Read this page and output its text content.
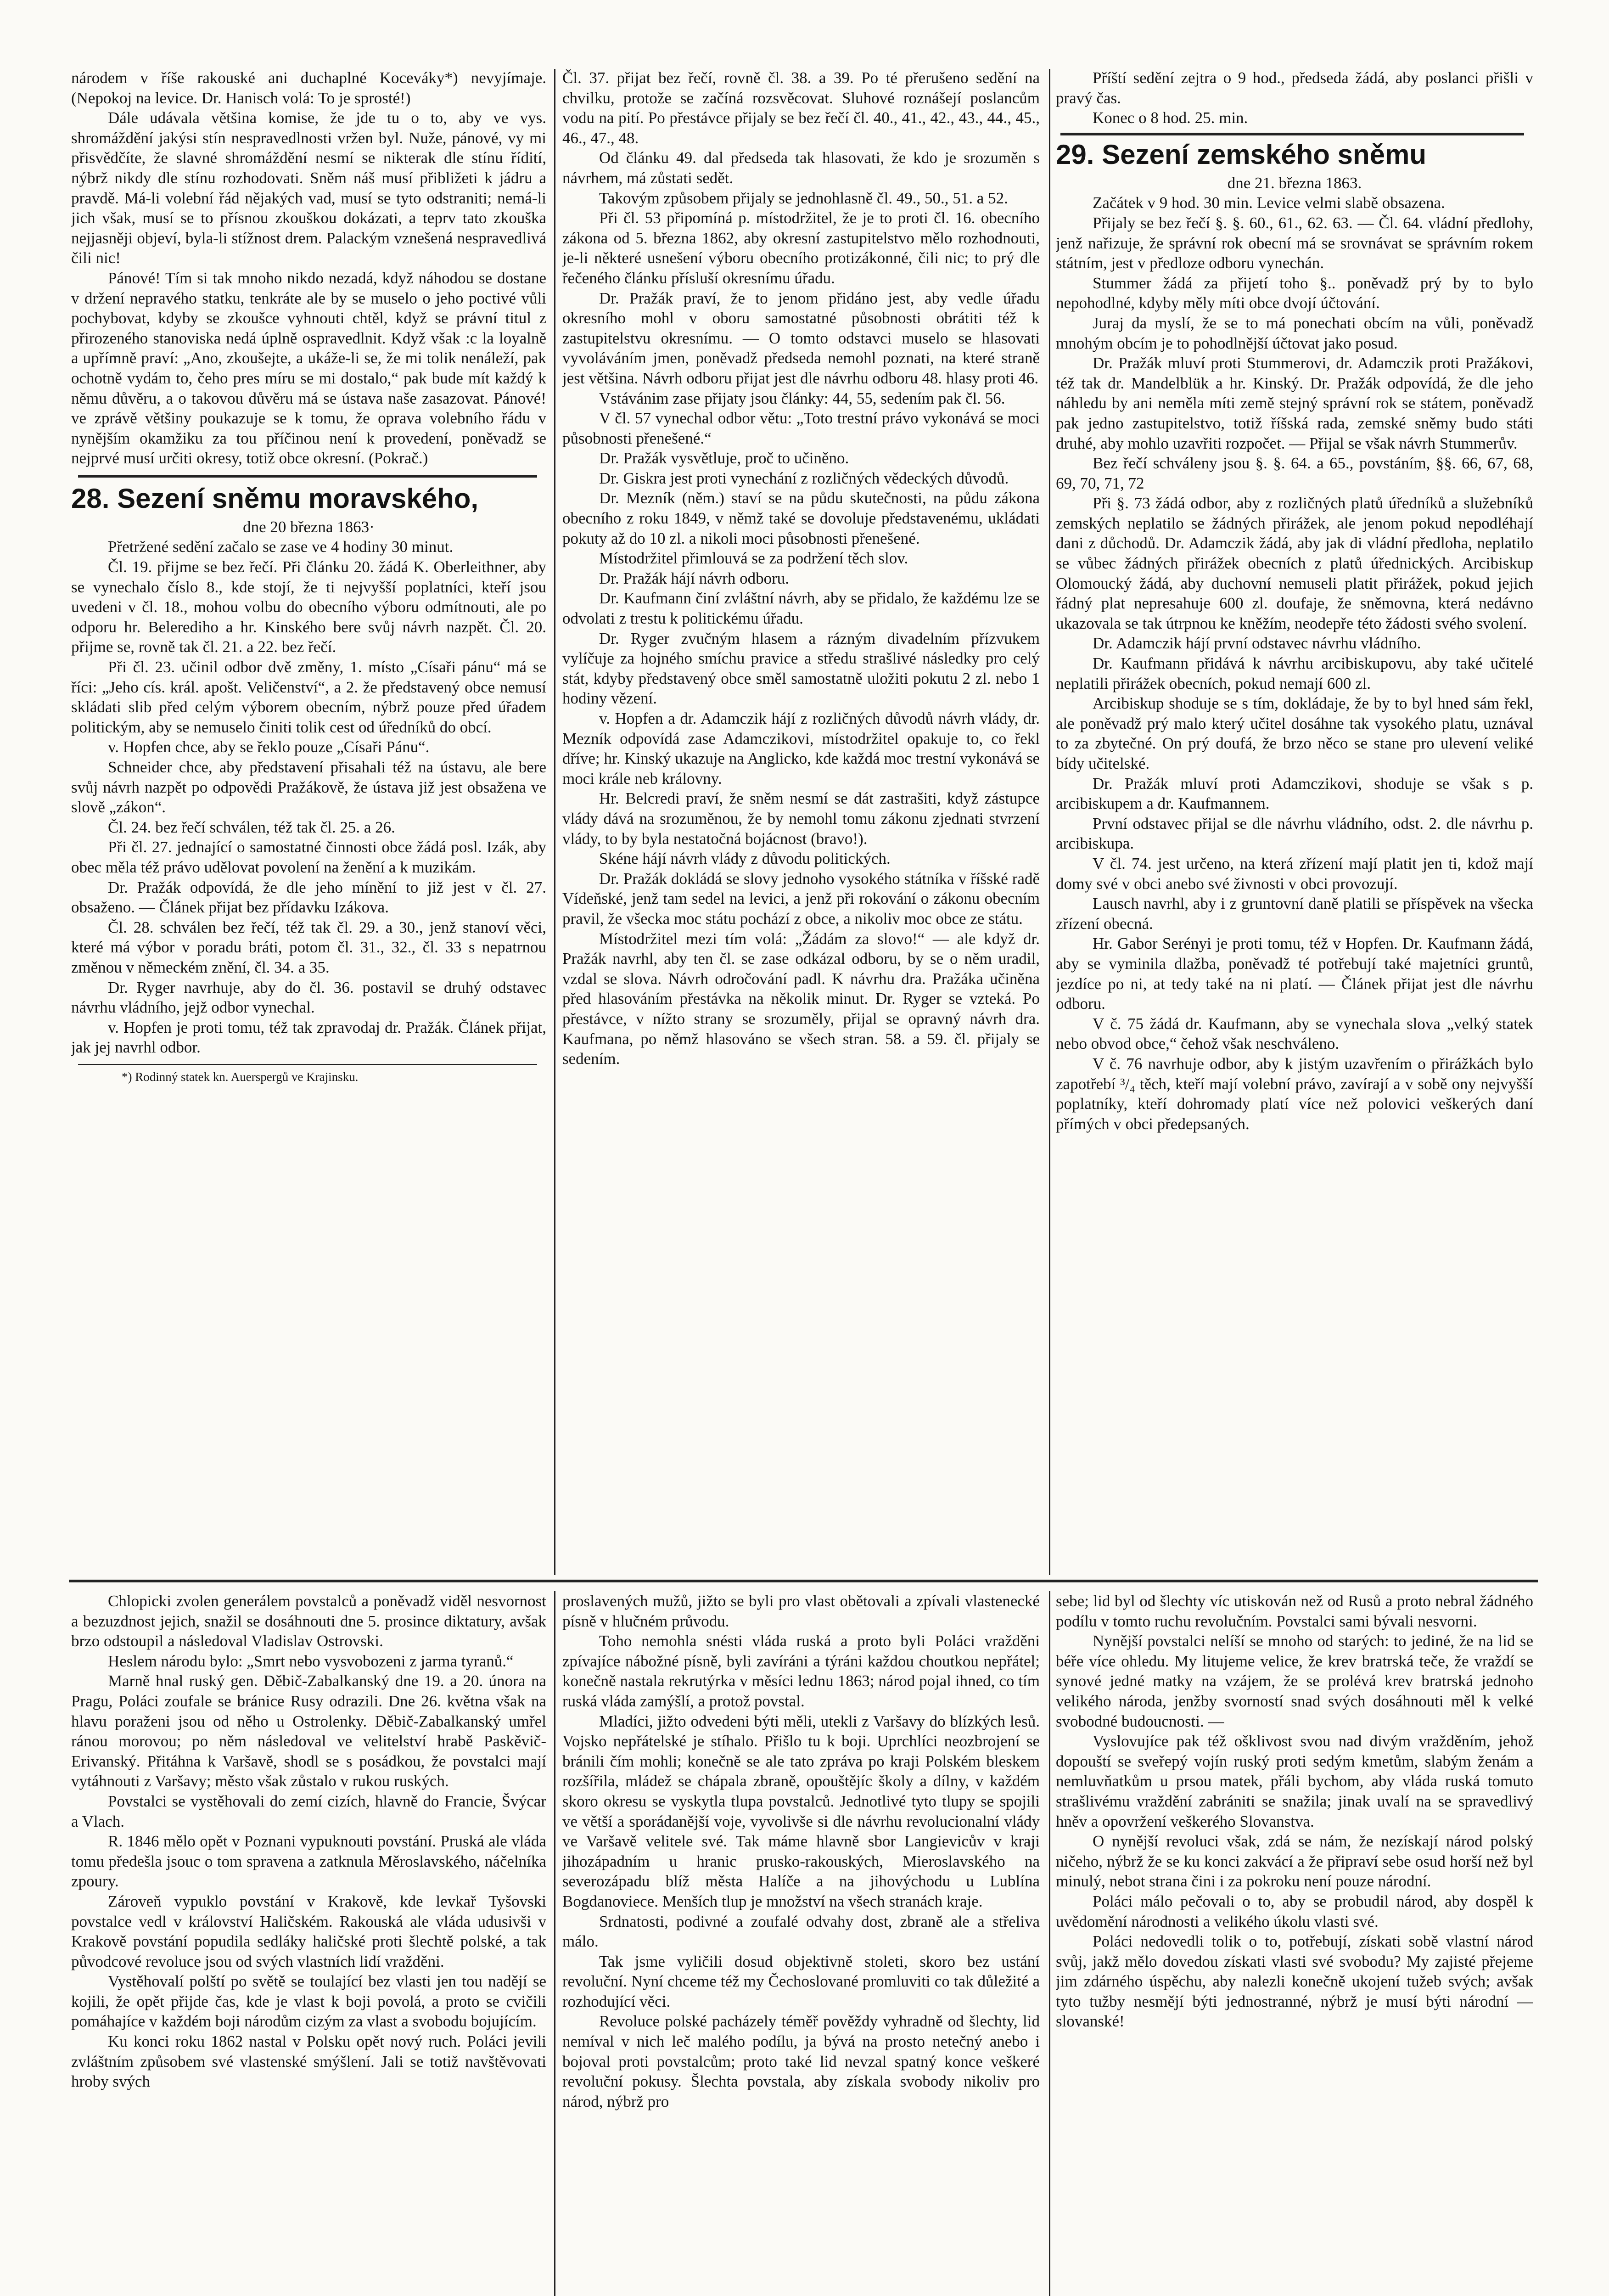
národem v říše rakouské ani duchaplné Koceváky*) nevyjímaje. (Nepokoj na levice. Dr. Hanisch volá: To je sprosté!)

Dále udávala většina komise, že jde tu o to, aby ve vys. shromáždění jakýsi stín nespravedlnosti vržen byl. Nuže, pánové, vy mi přisvědčíte, že slavné shromáždění nesmí se nikterak dle stínu řídití, nýbrž nikdy dle stínu rozhodovati. Sněm náš musí přibližeti k jádru a pravdě. Má-li volební řád nějakých vad, musí se tyto odstraniti; nemá-li jich však, musí se to přísnou zkouškou dokázati, a teprv tato zkouška nejjasněji objeví, byla-li stížnost drem. Palackým vznešená nespravedlivá čili nic!

Pánové! Tím si tak mnoho nikdo nezadá, když náhodou se dostane v držení nepravého statku, tenkráte ale by se muselo o jeho poctivé vůli pochybovat, kdyby se zkoušce vyhnouti chtěl, když se právní titul z přirozeného stanoviska nedá úplně ospravedlnit. Když však :c la loyalně a upřímně praví: „Ano, zkoušejte, a ukáže-li se, že mi tolik nenáleží, pak ochotně vydám to, čeho pres míru se mi dostalo,“ pak bude mít každý k němu důvěru, a o takovou důvěru má se ústava naše zasazovat. Pánové! ve zprávě většiny poukazuje se k tomu, že oprava volebního řádu v nynějším okamžiku za tou příčinou není k provedení, poněvadž se nejprvé musí určiti okresy, totiž obce okresní. (Pokrač.)

28. Sezení sněmu moravského,

dne 20 března 1863·

Přetržené sedění začalo se zase ve 4 hodiny 30 minut.

Čl. 19. přijme se bez řečí. Při článku 20. žádá K. Oberleithner, aby se vynechalo číslo 8., kde stojí, že ti nejvyšší poplatníci, kteří jsou uvedeni v čl. 18., mohou volbu do obecního výboru odmítnouti, ale po odporu hr. Belerediho a hr. Kinského bere svůj návrh nazpět. Čl. 20. přijme se, rovně tak čl. 21. a 22. bez řečí.

Při čl. 23. učinil odbor dvě změny, 1. místo „Císaři pánu“ má se říci: „Jeho cís. král. apošt. Veličenství“, a 2. že představený obce nemusí skládati slib před celým výborem obecním, nýbrž pouze před úřadem politickým, aby se nemuselo činiti tolik cest od úředníků do obcí.

v. Hopfen chce, aby se řeklo pouze „Císaři Pánu“.

Schneider chce, aby představení přisahali též na ústavu, ale bere svůj návrh nazpět po odpovědi Pražákově, že ústava již jest obsažena ve slově „zákon“.

Čl. 24. bez řečí schválen, též tak čl. 25. a 26.

Při čl. 27. jednající o samostatné činnosti obce žádá posl. Izák, aby obec měla též právo udělovat povolení na ženění a k muzikám.

Dr. Pražák odpovídá, že dle jeho mínění to již jest v čl. 27. obsaženo. — Článek přijat bez přídavku Izákova.

Čl. 28. schválen bez řečí, též tak čl. 29. a 30., jenž stanoví věci, které má výbor v poradu bráti, potom čl. 31., 32., čl. 33 s nepatrnou změnou v německém znění, čl. 34. a 35.

Dr. Ryger navrhuje, aby do čl. 36. postavil se druhý odstavec návrhu vládního, jejž odbor vynechal.

v. Hopfen je proti tomu, též tak zpravodaj dr. Pražák. Článek přijat, jak jej navrhl odbor.

*) Rodinný statek kn. Auerspergů ve Krajinsku.

Čl. 37. přijat bez řečí, rovně čl. 38. a 39. Po té přerušeno sedění na chvilku, protože se začíná rozsvěcovat. Sluhové roznášejí poslancům vodu na pití. Po přestávce přijaly se bez řečí čl. 40., 41., 42., 43., 44., 45., 46., 47., 48.

Od článku 49. dal předseda tak hlasovati, že kdo je srozuměn s návrhem, má zůstati sedět.

Takovým způsobem přijaly se jednohlasně čl. 49., 50., 51. a 52.

Při čl. 53 připomíná p. místodržitel, že je to proti čl. 16. obecního zákona od 5. března 1862, aby okresní zastupitelstvo mělo rozhodnouti, je-li některé usnešení výboru obecního protizákonné, čili nic; to prý dle řečeného článku přísluší okresnímu úřadu.

Dr. Pražák praví, že to jenom přidáno jest, aby vedle úřadu okresního mohl v oboru samostatné působnosti obrátiti též k zastupitelstvu okresnímu. — O tomto odstavci muselo se hlasovati vyvoláváním jmen, poněvadž předseda nemohl poznati, na které straně jest většina. Návrh odboru přijat jest dle návrhu odboru 48. hlasy proti 46.

Vstávánim zase přijaty jsou články: 44, 55, sedením pak čl. 56.

V čl. 57 vynechal odbor větu: „Toto trestní právo vykonává se moci působnosti přenešené.“

Dr. Pražák vysvětluje, proč to učiněno.

Dr. Giskra jest proti vynechání z rozličných vědeckých důvodů.

Dr. Mezník (něm.) staví se na půdu skutečnosti, na půdu zákona obecního z roku 1849, v němž také se dovoluje představenému, ukládati pokuty až do 10 zl. a nikoli moci působnosti přenešené.

Místodržitel přimlouvá se za podržení těch slov.

Dr. Pražák hájí návrh odboru.

Dr. Kaufmann činí zvláštní návrh, aby se přidalo, že každému lze se odvolati z trestu k politickému úřadu.

Dr. Ryger zvučným hlasem a rázným divadelním přízvukem vylíčuje za hojného smíchu pravice a středu strašlivé následky pro celý stát, kdyby představený obce směl samostatně uložiti pokutu 2 zl. nebo 1 hodiny vězení.

v. Hopfen a dr. Adamczik hájí z rozličných důvodů návrh vlády, dr. Mezník odpovídá zase Adamczikovi, místodržitel opakuje to, co řekl dříve; hr. Kinský ukazuje na Anglicko, kde každá moc trestní vykonává se moci krále neb královny.

Hr. Belcredi praví, že sněm nesmí se dát zastrašiti, když zástupce vlády dává na srozuměnou, že by nemohl tomu zákonu zjednati stvrzení vlády, to by byla nestatočná bojácnost (bravo!).

Skéne hájí návrh vlády z důvodu politických.

Dr. Pražák dokládá se slovy jednoho vysokého státníka v říšské radě Vídeňské, jenž tam sedel na levici, a jenž při rokování o zákonu obecním pravil, že všecka moc státu pochází z obce, a nikoliv moc obce ze státu.

Místodržitel mezi tím volá: „Žádám za slovo!“ — ale když dr. Pražák navrhl, aby ten čl. se zase odkázal odboru, by se o něm uradil, vzdal se slova. Návrh odročování padl. K návrhu dra. Pražáka učiněna před hlasováním přestávka na několik minut. Dr. Ryger se vzteká. Po přestávce, v nížto strany se srozuměly, přijal se opravný návrh dra. Kaufmana, po němž hlasováno se všech stran. 58. a 59. čl. přijaly se sedením.

Příští sedění zejtra o 9 hod., předseda žádá, aby poslanci přišli v pravý čas.

Konec o 8 hod. 25. min.

29. Sezení zemského sněmu

dne 21. března 1863.

Začátek v 9 hod. 30 min. Levice velmi slabě obsazena.

Přijaly se bez řečí §. §. 60., 61., 62. 63. — Čl. 64. vládní předlohy, jenž nařizuje, že správní rok obecní má se srovnávat se správním rokem státním, jest v předloze odboru vynechán.

Stummer žádá za přijetí toho §.. poněvadž prý by to bylo nepohodlné, kdyby měly míti obce dvojí účtování.

Juraj da myslí, že se to má ponechati obcím na vůli, poněvadž mnohým obcím je to pohodlnější účtovat jako posud.

Dr. Pražák mluví proti Stummerovi, dr. Adamczik proti Pražákovi, též tak dr. Mandelblük a hr. Kinský. Dr. Pražák odpovídá, že dle jeho náhledu by ani neměla míti země stejný správní rok se státem, poněvadž pak jedno zastupitelstvo, totiž říšská rada, zemské sněmy budo státi druhé, aby mohlo uzavřiti rozpočet. — Přijal se však návrh Stummerův.

Bez řečí schváleny jsou §. §. 64. a 65., povstáním, §§. 66, 67, 68, 69, 70, 71, 72

Při §. 73 žádá odbor, aby z rozličných platů úředníků a služebníků zemských neplatilo se žádných přirážek, ale jenom pokud nepodléhají dani z důchodů. Dr. Adamczik žádá, aby jak di vládní předloha, neplatilo se vůbec žádných přirážek obecních z platů úřednických. Arcibiskup Olomoucký žádá, aby duchovní nemuseli platit přirážek, pokud jejich řádný plat nepresahuje 600 zl. doufaje, že sněmovna, která nedávno ukazovala se tak útrpnou ke kněžím, neodepře této žádosti svého svolení.

Dr. Adamczik hájí první odstavec návrhu vládního.

Dr. Kaufmann přidává k návrhu arcibiskupovu, aby také učitelé neplatili přirážek obecních, pokud nemají 600 zl.

Arcibiskup shoduje se s tím, dokládaje, že by to byl hned sám řekl, ale poněvadž prý malo který učitel dosáhne tak vysokého platu, uznával to za zbytečné. On prý doufá, že brzo něco se stane pro ulevení veliké bídy učitelské.

Dr. Pražák mluví proti Adamczikovi, shoduje se však s p. arcibiskupem a dr. Kaufmannem.

První odstavec přijal se dle návrhu vládního, odst. 2. dle návrhu p. arcibiskupa.

V čl. 74. jest určeno, na která zřízení mají platit jen ti, kdož mají domy své v obci anebo své živnosti v obci provozují.

Lausch navrhl, aby i z gruntovní daně platili se příspěvek na všecka zřízení obecná.

Hr. Gabor Serényi je proti tomu, též v Hopfen. Dr. Kaufmann žádá, aby se vyminila dlažba, poněvadž té potřebují také majetníci gruntů, jezdíce po ni, at tedy také na ni platí. — Článek přijat jest dle návrhu odboru.

V č. 75 žádá dr. Kaufmann, aby se vynechala slova „velký statek nebo obvod obce,“ čehož však neschváleno.

V č. 76 navrhuje odbor, aby k jistým uzavřením o přirážkách bylo zapotřebí ³/₄ těch, kteří mají volební právo, zavírají a v sobě ony nejvyšší poplatníky, kteří dohromady platí více než polovici veškerých daní přímých v obci předepsaných.

Chlopicki zvolen generálem povstalců a poněvadž viděl nesvornost a bezuzdnost jejich, snažil se dosáhnouti dne 5. prosince diktatury, avšak brzo odstoupil a následoval Vladislav Ostrovski.

Heslem národu bylo: „Smrt nebo vysvobozeni z jarma tyranů.“

Marně hnal ruský gen. Děbič-Zabalkanský dne 19. a 20. února na Pragu, Poláci zoufale se bránice Rusy odrazili. Dne 26. května však na hlavu poraženi jsou od něho u Ostrolenky. Děbič-Zabalkanský umřel ránou morovou; po něm následoval ve velitelství hrabě Paskěvič-Erivanský. Přitáhna k Varšavě, shodl se s posádkou, že povstalci mají vytáhnouti z Varšavy; město však zůstalo v rukou ruských.

Povstalci se vystěhovali do zemí cizích, hlavně do Francie, Švýcar a Vlach.

R. 1846 mělo opět v Poznani vypuknouti povstání. Pruská ale vláda tomu předešla jsouc o tom spravena a zatknula Měroslavského, náčelníka zpoury.

Zároveň vypuklo povstání v Krakově, kde levkař Tyšovski povstalce vedl v království Haličském. Rakouská ale vláda udusivši v Krakově povstání popudila sedláky haličské proti šlechtě polské, a tak původcové revoluce jsou od svých vlastních lidí vražděni.

Vystěhovalí polští po světě se toulající bez vlasti jen tou nadějí se kojili, že opět přijde čas, kde je vlast k boji povolá, a proto se cvičili pomáhajíce v každém boji národům cizým za vlast a svobodu bojujícím.

Ku konci roku 1862 nastal v Polsku opět nový ruch. Poláci jevili zvláštním způsobem své vlastenské smýšlení. Jali se totiž navštěvovati hroby svých

proslavených mužů, jižto se byli pro vlast obětovali a zpívali vlastenecké písně v hlučném průvodu.

Toho nemohla snésti vláda ruská a proto byli Poláci vražděni zpívajíce nábožné písně, byli zavíráni a týráni každou choutkou nepřátel; konečně nastala rekrutýrka v měsíci lednu 1863; národ pojal ihned, co tím ruská vláda zamýšlí, a protož povstal.

Mladíci, jižto odvedeni býti měli, utekli z Varšavy do blízkých lesů. Vojsko nepřátelské je stíhalo. Přišlo tu k boji. Uprchlíci neozbrojení se bránili čím mohli; konečně se ale tato zpráva po kraji Polském bleskem rozšířila, mládež se chápala zbraně, opouštějíc školy a dílny, v každém skoro okresu se vyskytla tlupa povstalců. Jednotlivé tyto tlupy se spojili ve větší a sporádanější voje, vyvolivše si dle návrhu revolucionalní vlády ve Varšavě velitele své. Tak máme hlavně sbor Langievicův v kraji jihozápadním u hranic prusko-rakouských, Mieroslavského na severozápadu blíž města Halíče a na jihovýchodu u Lublína Bogdanoviece. Menších tlup je množství na všech stranách kraje.

Srdnatosti, podivné a zoufalé odvahy dost, zbraně ale a střeliva málo.

Tak jsme vyličili dosud objektivně stoleti, skoro bez ustání revoluční. Nyní chceme též my Čechoslované promluviti co tak důležité a rozhodující věci.

Revoluce polské pacházely téměř pověždy vyhradně od šlechty, lid nemíval v nich leč malého podílu, ja bývá na prosto netečný anebo i bojoval proti povstalcům; proto také lid nevzal spatný konce veškeré revoluční pokusy. Šlechta povstala, aby získala svobody nikoliv pro národ, nýbrž pro

sebe; lid byl od šlechty víc utiskován než od Rusů a proto nebral žádného podílu v tomto ruchu revolučním. Povstalci sami bývali nesvorni.

Nynější povstalci nelíší se mnoho od starých: to jediné, že na lid se béře více ohledu. My litujeme velice, že krev bratrská teče, že vraždí se synové jedné matky na vzájem, že se prolévá krev bratrská jednoho velikého národa, jenžby svorností snad svých dosáhnouti měl k velké svobodné budoucnosti. —

Vyslovujíce pak též ošklivost svou nad divým vražděním, jehož dopouští se sveřepý vojín ruský proti sedým kmetům, slabým ženám a nemluvňatkům u prsou matek, přáli bychom, aby vláda ruská tomuto strašlivému vraždění zabrániti se snažila; jinak uvalí na se spravedlivý hněv a opovržení veškerého Slovanstva.

O nynější revoluci však, zdá se nám, že nezískají národ polský ničeho, nýbrž že se ku konci zakvácí a že připraví sebe osud horší než byl minulý, nebot strana čini i za pokroku není pouze národní.

Poláci málo pečovali o to, aby se probudil národ, aby dospěl k uvědomění národnosti a velikého úkolu vlasti své.

Poláci nedovedli tolik o to, potřebují, získati sobě vlastní národ svůj, jakž mělo dovedou získati vlasti své svobodu? My zajisté přejeme jim zdárného úspěchu, aby nalezli konečně ukojení tužeb svých; avšak tyto tužby nesmějí býti jednostranné, nýbrž je musí býti národní — slovanské!
